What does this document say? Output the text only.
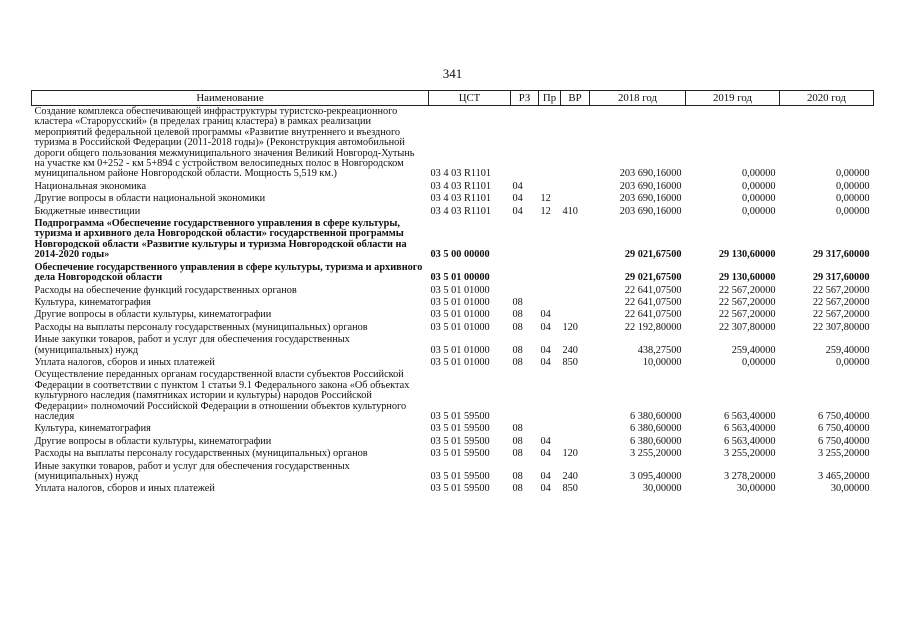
341
Наименование	ЦСТ	РЗ	Пр	ВР	2018 год	2019 год	2020 год
Создание комплекса обеспечивающей инфраструктуры туристско-рекреационного кластера «Старорусский» (в пределах границ кластера) в рамках реализации мероприятий федеральной целевой программы «Развитие внутреннего и въездного туризма в Российской Федерации (2011-2018 годы)» (Реконструкция автомобильной дороги общего пользования межмуниципального значения Великий Новгород-Хутынь на участке км 0+252 - км 5+894 с устройством велосипедных полос в Новгородском муниципальном районе Новгородской области. Мощность 5,519 км.)	03 4 03 R1101				203 690,16000	0,00000	0,00000
Национальная экономика	03 4 03 R1101	04			203 690,16000	0,00000	0,00000
Другие вопросы в области национальной экономики	03 4 03 R1101	04	12		203 690,16000	0,00000	0,00000
Бюджетные инвестиции	03 4 03 R1101	04	12	410	203 690,16000	0,00000	0,00000
Подпрограмма «Обеспечение государственного управления в сфере культуры, туризма и архивного дела Новгородской области» государственной программы Новгородской области «Развитие культуры и туризма Новгородской области на 2014-2020 годы»	03 5 00 00000				29 021,67500	29 130,60000	29 317,60000
Обеспечение государственного управления в сфере культуры, туризма и архивного дела Новгородской области	03 5 01 00000				29 021,67500	29 130,60000	29 317,60000
Расходы на обеспечение функций государственных органов	03 5 01 01000				22 641,07500	22 567,20000	22 567,20000
Культура, кинематография	03 5 01 01000	08			22 641,07500	22 567,20000	22 567,20000
Другие вопросы в области культуры, кинематографии	03 5 01 01000	08	04		22 641,07500	22 567,20000	22 567,20000
Расходы на выплаты персоналу государственных (муниципальных) органов	03 5 01 01000	08	04	120	22 192,80000	22 307,80000	22 307,80000
Иные закупки товаров, работ и услуг для обеспечения государственных (муниципальных) нужд	03 5 01 01000	08	04	240	438,27500	259,40000	259,40000
Уплата налогов, сборов и иных платежей	03 5 01 01000	08	04	850	10,00000	0,00000	0,00000
Осуществление переданных органам государственной власти субъектов Российской Федерации в соответствии с пунктом 1 статьи 9.1 Федерального закона «Об объектах культурного наследия (памятниках истории и культуры) народов Российской Федерации» полномочий Российской Федерации в отношении объектов культурного наследия	03 5 01 59500				6 380,60000	6 563,40000	6 750,40000
Культура, кинематография	03 5 01 59500	08			6 380,60000	6 563,40000	6 750,40000
Другие вопросы в области культуры, кинематографии	03 5 01 59500	08	04		6 380,60000	6 563,40000	6 750,40000
Расходы на выплаты персоналу государственных (муниципальных) органов	03 5 01 59500	08	04	120	3 255,20000	3 255,20000	3 255,20000
Иные закупки товаров, работ и услуг для обеспечения государственных (муниципальных) нужд	03 5 01 59500	08	04	240	3 095,40000	3 278,20000	3 465,20000
Уплата налогов, сборов и иных платежей	03 5 01 59500	08	04	850	30,00000	30,00000	30,00000
